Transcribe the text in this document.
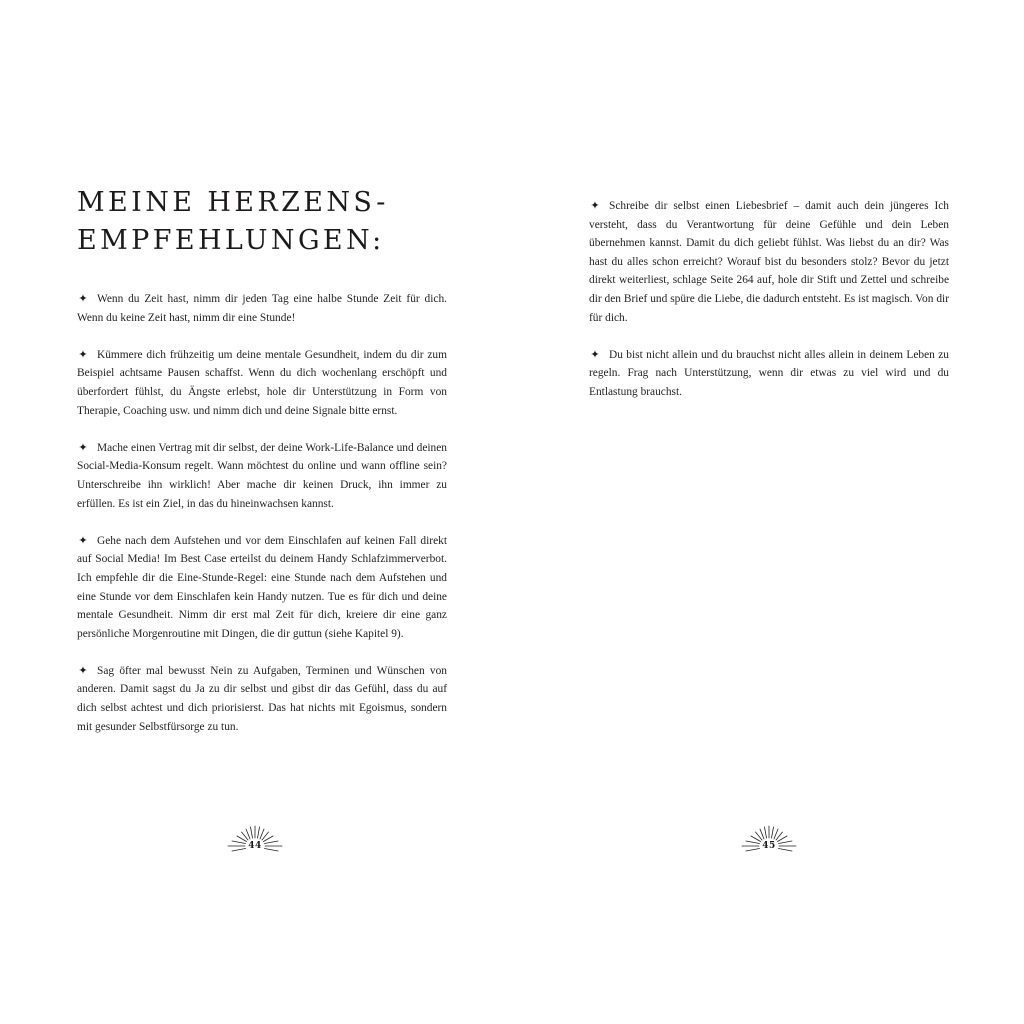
MEINE HERZENS-
EMPFEHLUNGEN:

✦ Wenn du Zeit hast, nimm dir jeden Tag eine halbe Stunde Zeit für dich. Wenn du keine Zeit hast, nimm dir eine Stunde!

✦ Kümmere dich frühzeitig um deine mentale Gesundheit, indem du dir zum Beispiel achtsame Pausen schaffst. Wenn du dich wochenlang erschöpft und überfordert fühlst, du Ängste erlebst, hole dir Unterstützung in Form von Therapie, Coaching usw. und nimm dich und deine Signale bitte ernst.

✦ Mache einen Vertrag mit dir selbst, der deine Work-Life-Balance und deinen Social-Media-Konsum regelt. Wann möchtest du online und wann offline sein? Unterschreibe ihn wirklich! Aber mache dir keinen Druck, ihn immer zu erfüllen. Es ist ein Ziel, in das du hineinwachsen kannst.

✦ Gehe nach dem Aufstehen und vor dem Einschlafen auf keinen Fall direkt auf Social Media! Im Best Case erteilst du deinem Handy Schlafzimmerverbot. Ich empfehle dir die Eine-Stunde-Regel: eine Stunde nach dem Aufstehen und eine Stunde vor dem Einschlafen kein Handy nutzen. Tue es für dich und deine mentale Gesundheit. Nimm dir erst mal Zeit für dich, kreiere dir eine ganz persönliche Morgenroutine mit Dingen, die dir guttun (siehe Kapitel 9).

✦ Sag öfter mal bewusst Nein zu Aufgaben, Terminen und Wünschen von anderen. Damit sagst du Ja zu dir selbst und gibst dir das Gefühl, dass du auf dich selbst achtest und dich priorisierst. Das hat nichts mit Egoismus, sondern mit gesunder Selbstfürsorge zu tun.

✦ Schreibe dir selbst einen Liebesbrief – damit auch dein jüngeres Ich versteht, dass du Verantwortung für deine Gefühle und dein Leben übernehmen kannst. Damit du dich geliebt fühlst. Was liebst du an dir? Was hast du alles schon erreicht? Worauf bist du besonders stolz? Bevor du jetzt direkt weiterliest, schlage Seite 264 auf, hole dir Stift und Zettel und schreibe dir den Brief und spüre die Liebe, die dadurch entsteht. Es ist magisch. Von dir für dich.

✦ Du bist nicht allein und du brauchst nicht alles allein in deinem Leben zu regeln. Frag nach Unterstützung, wenn dir etwas zu viel wird und du Entlastung brauchst.

44	45
